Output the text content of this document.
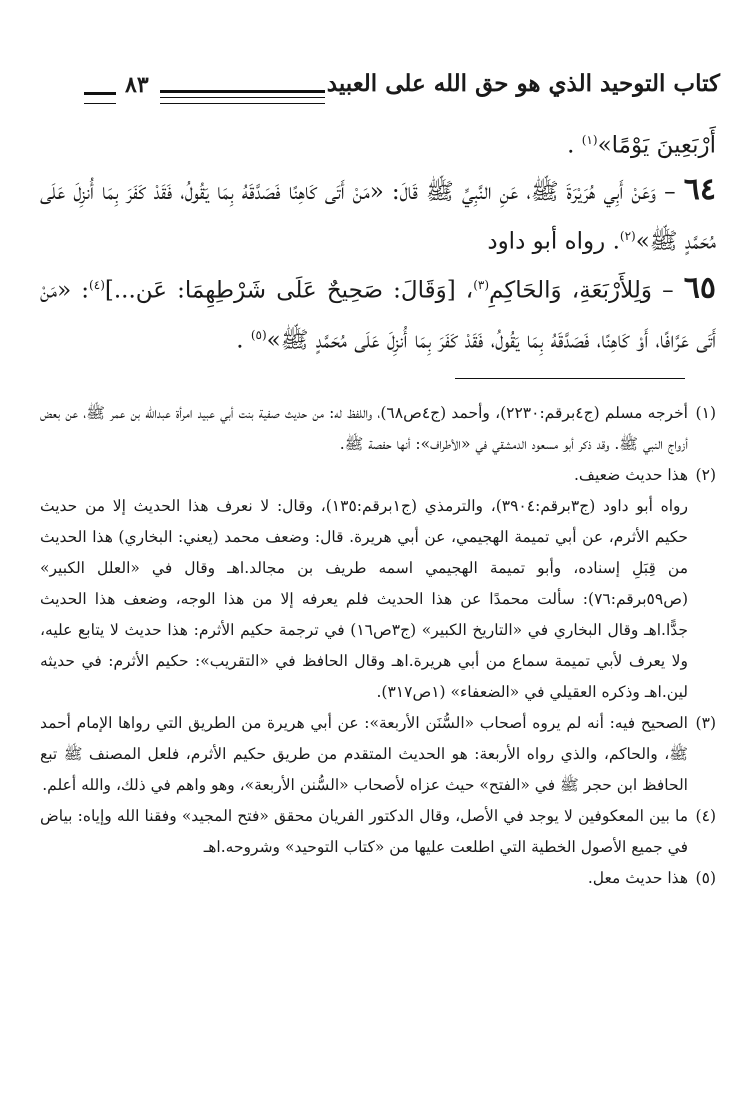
كتاب التوحيد الذي هو حق الله على العبيد
٨٣

أَرْبَعِينَ يَوْمًا»$^{(١)}$ .

٦٤ – وَعَنْ أَبِي هُرَيْرَةَ ﷺ، عَنِ النَّبِيِّ ﷺ قَالَ: «مَنْ أَتَى كَاهِنًا فَصَدَّقَهُ بِمَا يَقُولُ، فَقَدْ كَفَرَ بِمَا أُنزِلَ عَلَى مُحَمَّدٍ ﷺ»$^{(٢)}$. رواه أبو داود

٦٥ – وَلِلأَرْبَعَةِ، وَالحَاكِمِ$^{(٣)}$، [وَقَالَ: صَحِيحٌ عَلَى شَرْطِهِمَا: عَن...]$^{(٤)}$: «مَنْ أَتَى عَرَّافًا، أَوْ كَاهِنًا، فَصَدَّقَهُ بِمَا يَقُولُ، فَقَدْ كَفَرَ بِمَا أُنزِلَ عَلَى مُحَمَّدٍ ﷺ»$^{(٥)}$ .

(١)

أخرجه مسلم (ج٤برقم:٢٢٣٠)، وأحمد (ج٤ص٦٨)، واللفظ له: من حديث صفية بنت أبي عبيد امرأة عبدالله بن عمر ﷺ، عن بعض أزواج النبي ﷺ. وقد ذكر أبو مسعود الدمشقي في «الأطراف»: أنها حفصة ﷺ.

(٢)

هذا حديث ضعيف.

رواه أبو داود (ج٣برقم:٣٩٠٤)، والترمذي (ج١برقم:١٣٥)، وقال: لا نعرف هذا الحديث إلا من حديث حكيم الأثرم، عن أبي تميمة الهجيمي، عن أبي هريرة. قال: وضعف محمد (يعني: البخاري) هذا الحديث من قِبَلِ إسناده، وأبو تميمة الهجيمي اسمه طريف بن مجالد.اهـ وقال في «العلل الكبير» (ص٥٩برقم:٧٦): سألت محمدًا عن هذا الحديث فلم يعرفه إلا من هذا الوجه، وضعف هذا الحديث جدًّا.اهـ وقال البخاري في «التاريخ الكبير» (ج٣ص١٦) في ترجمة حكيم الأثرم: هذا حديث لا يتابع عليه، ولا يعرف لأبي تميمة سماع من أبي هريرة.اهـ وقال الحافظ في «التقريب»: حكيم الأثرم: في حديثه لين.اهـ وذكره العقيلي في «الضعفاء» (١ص٣١٧).

(٣)

الصحيح فيه: أنه لم يروه أصحاب «السُّنَن الأربعة»: عن أبي هريرة من الطريق التي رواها الإمام أحمد ﷺ، والحاكم، والذي رواه الأربعة: هو الحديث المتقدم من طريق حكيم الأثرم، فلعل المصنف ﷺ تبع الحافظ ابن حجر ﷺ في «الفتح» حيث عزاه لأصحاب «السُّنن الأربعة»، وهو واهم في ذلك، والله أعلم.

(٤)

ما بين المعكوفين لا يوجد في الأصل، وقال الدكتور الفريان محقق «فتح المجيد» وفقنا الله وإياه: بياض في جميع الأصول الخطية التي اطلعت عليها من «كتاب التوحيد» وشروحه.اهـ

(٥)

هذا حديث معل.
